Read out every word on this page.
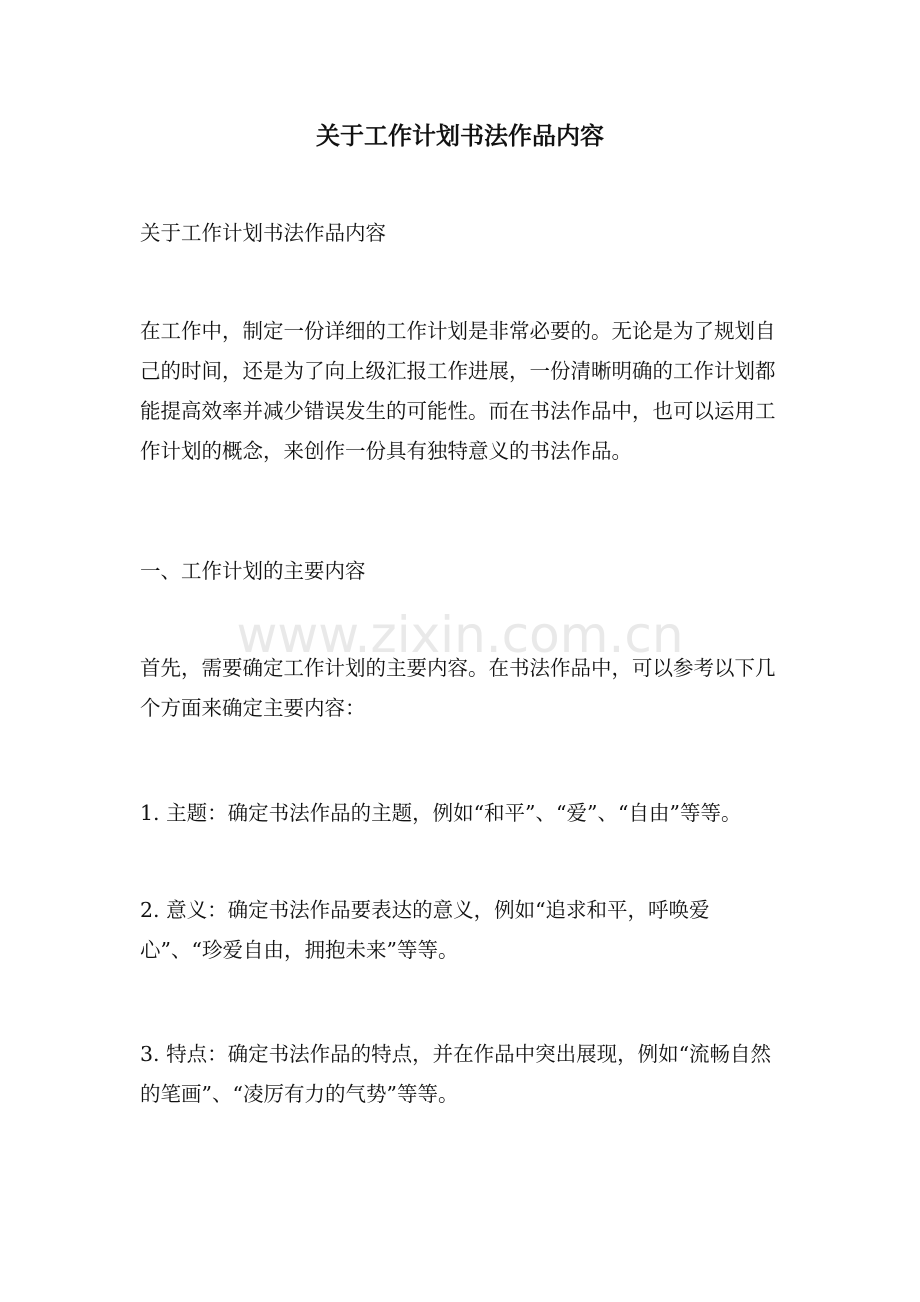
关于工作计划书法作品内容

关于工作计划书法作品内容

在工作中，制定一份详细的工作计划是非常必要的。无论是为了规划自己的时间，还是为了向上级汇报工作进展，一份清晰明确的工作计划都能提高效率并减少错误发生的可能性。而在书法作品中，也可以运用工作计划的概念，来创作一份具有独特意义的书法作品。

一、工作计划的主要内容

首先，需要确定工作计划的主要内容。在书法作品中，可以参考以下几个方面来确定主要内容：

1. 主题：确定书法作品的主题，例如“和平”、“爱”、“自由”等等。

2. 意义：确定书法作品要表达的意义，例如“追求和平，呼唤爱心”、“珍爱自由，拥抱未来”等等。

3. 特点：确定书法作品的特点，并在作品中突出展现，例如“流畅自然的笔画”、“凌厉有力的气势”等等。

www.zixin.com.cn
